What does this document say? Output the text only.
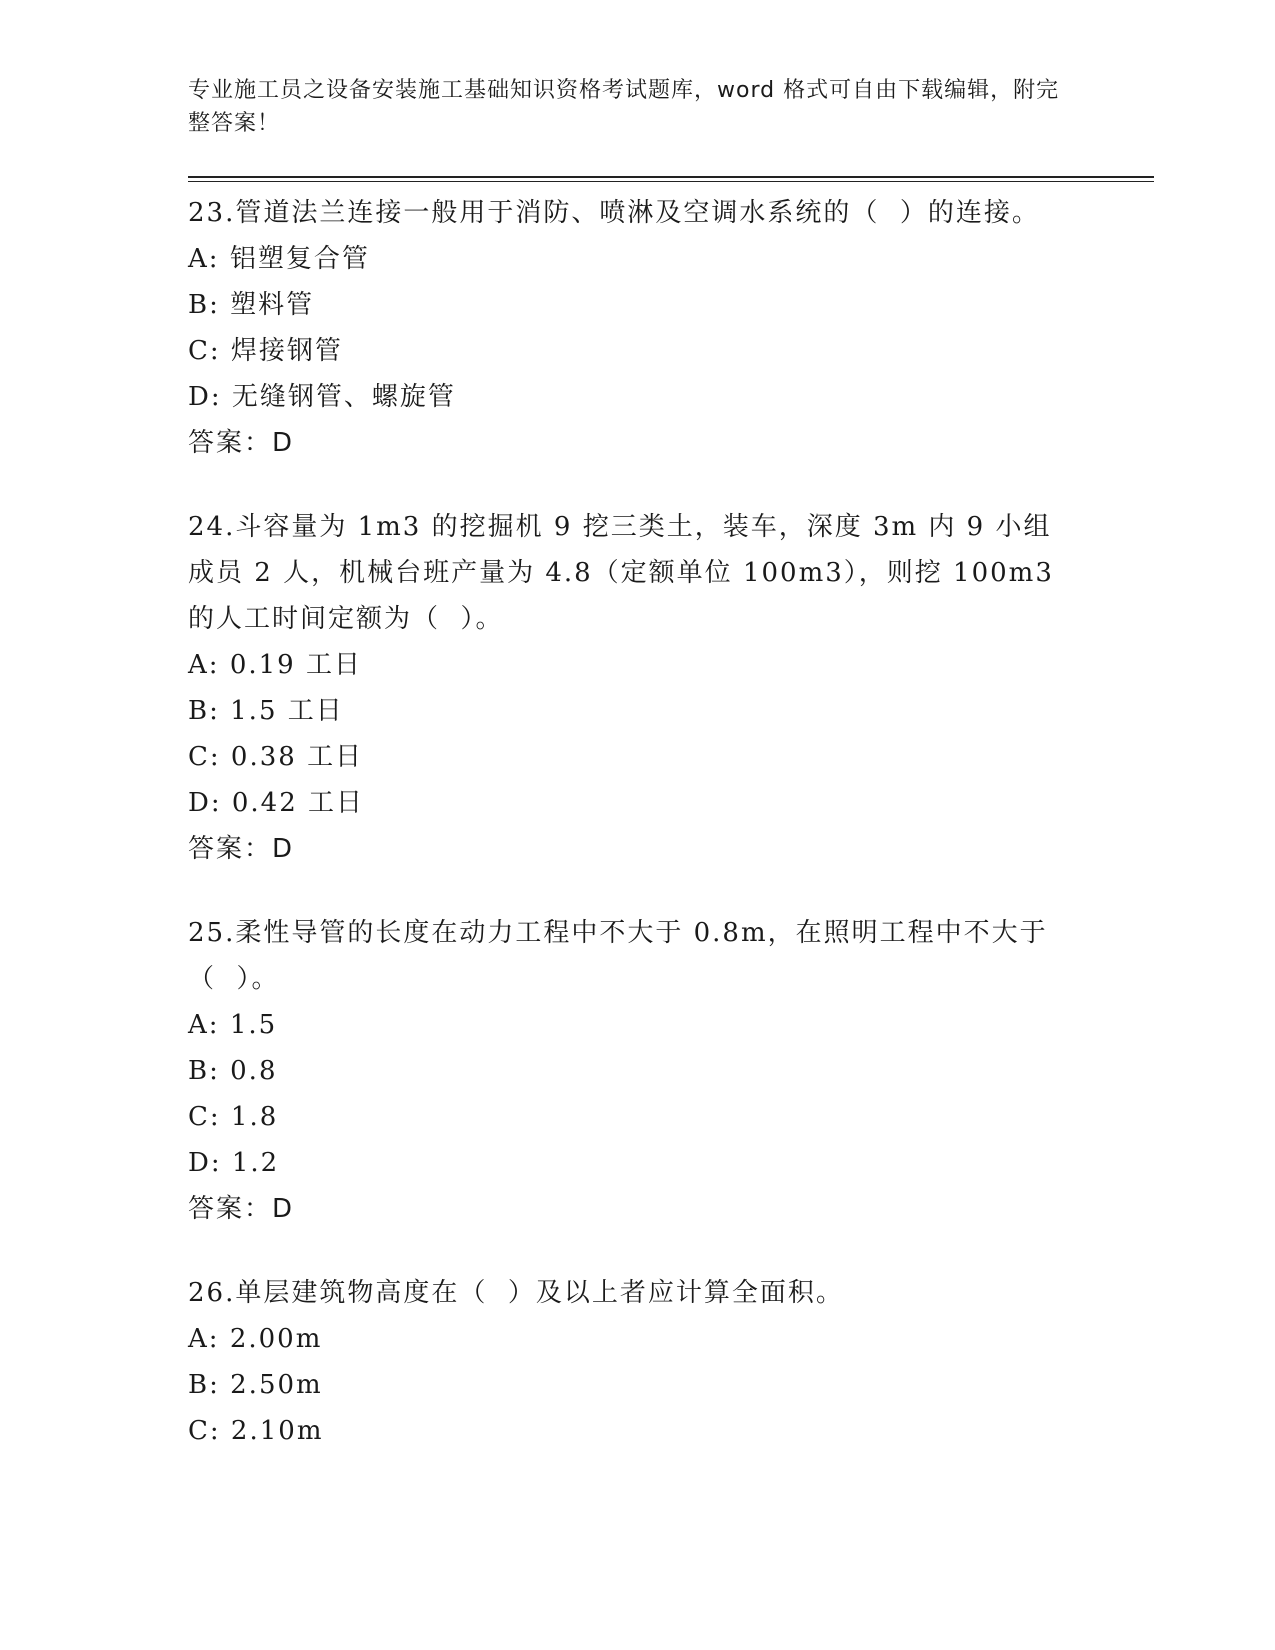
专业施工员之设备安装施工基础知识资格考试题库，word 格式可自由下载编辑，附完整答案！
23.管道法兰连接一般用于消防、喷淋及空调水系统的（  ）的连接。
A: 铝塑复合管
B: 塑料管
C: 焊接钢管
D: 无缝钢管、螺旋管
答案：D
24.斗容量为 1m3 的挖掘机 9 挖三类土，装车，深度 3m 内 9 小组成员 2 人，机械台班产量为 4.8（定额单位 100m3），则挖 100m3 的人工时间定额为（  ）。
A: 0.19 工日
B: 1.5 工日
C: 0.38 工日
D: 0.42 工日
答案：D
25.柔性导管的长度在动力工程中不大于 0.8m，在照明工程中不大于（  ）。
A: 1.5
B: 0.8
C: 1.8
D: 1.2
答案：D
26.单层建筑物高度在（  ）及以上者应计算全面积。
A: 2.00m
B: 2.50m
C: 2.10m
